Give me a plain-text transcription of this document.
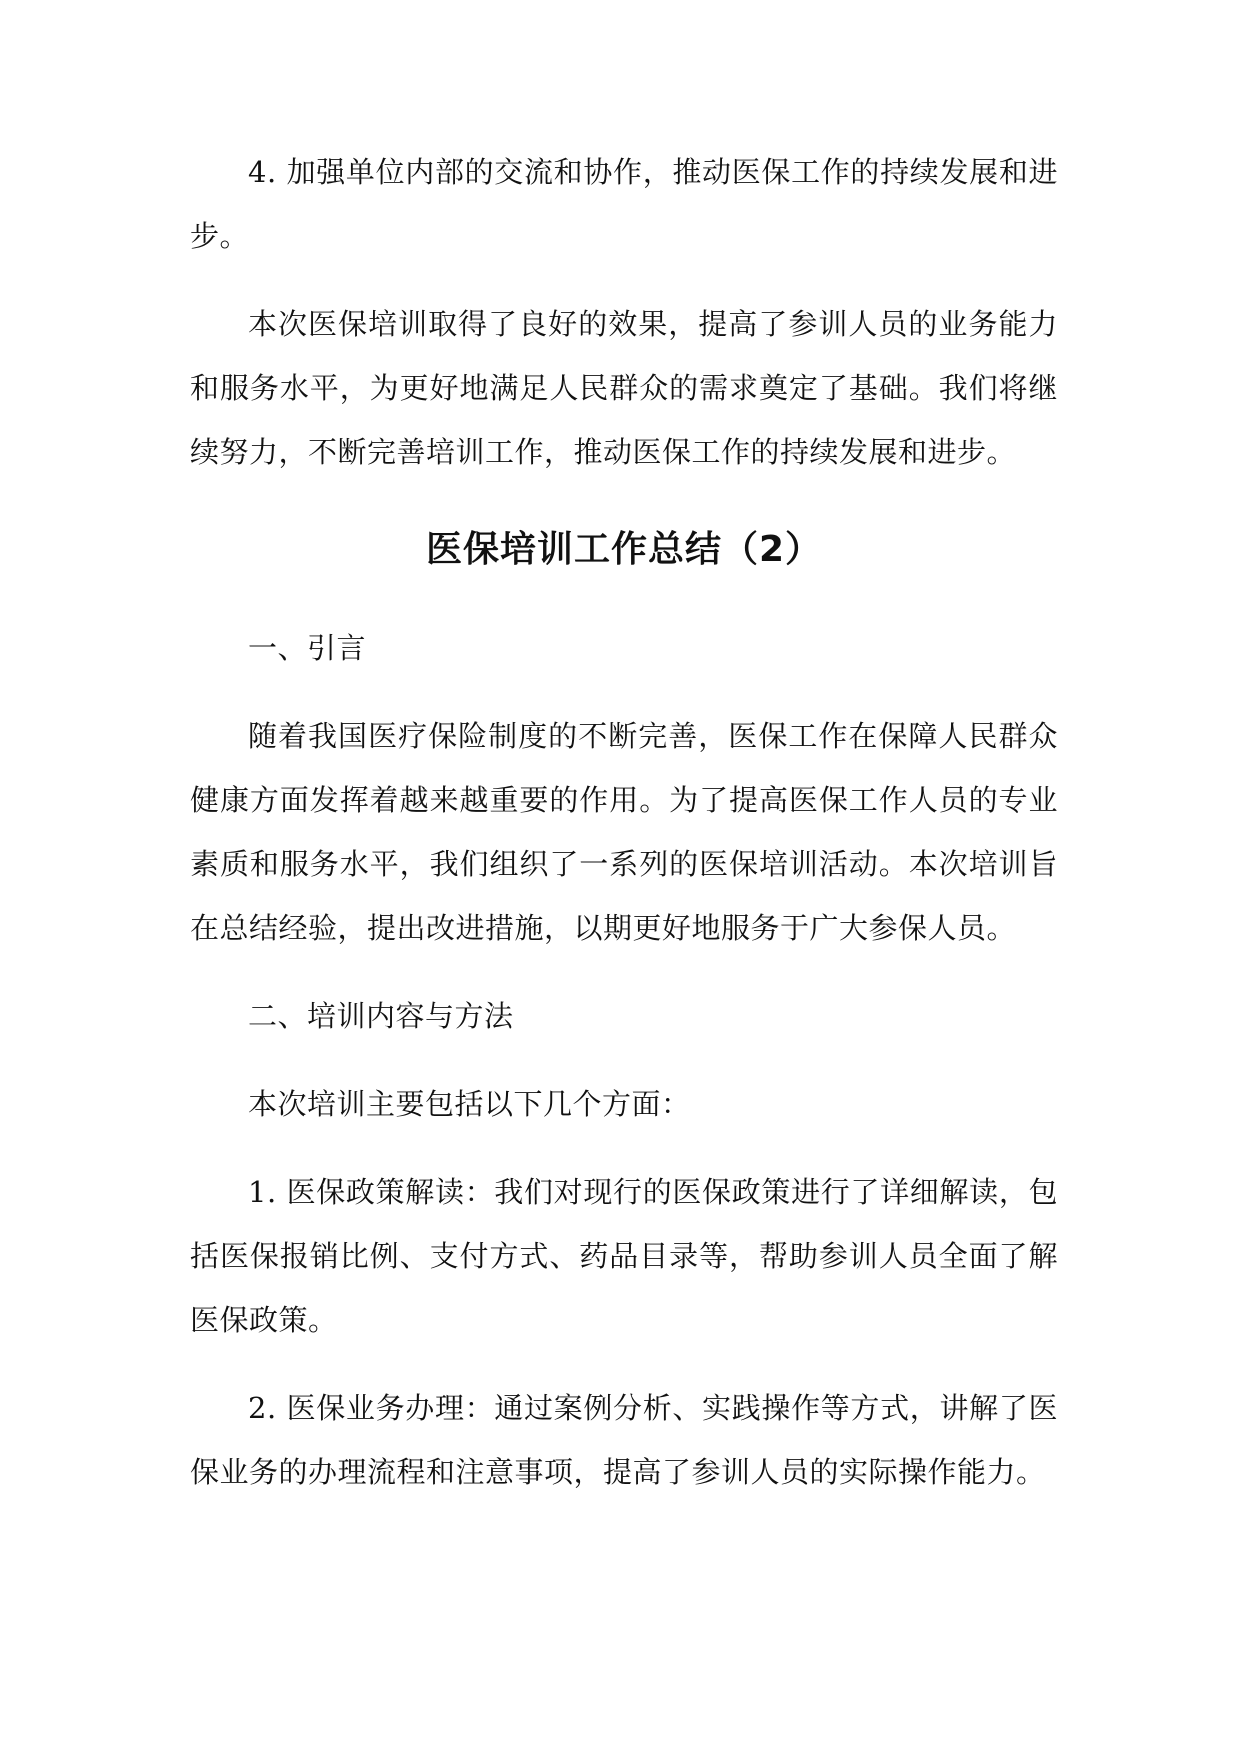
4. 加强单位内部的交流和协作，推动医保工作的持续发展和进步。

本次医保培训取得了良好的效果，提高了参训人员的业务能力和服务水平，为更好地满足人民群众的需求奠定了基础。我们将继续努力，不断完善培训工作，推动医保工作的持续发展和进步。

医保培训工作总结（2）

一、引言

随着我国医疗保险制度的不断完善，医保工作在保障人民群众健康方面发挥着越来越重要的作用。为了提高医保工作人员的专业素质和服务水平，我们组织了一系列的医保培训活动。本次培训旨在总结经验，提出改进措施，以期更好地服务于广大参保人员。

二、培训内容与方法

本次培训主要包括以下几个方面：

1. 医保政策解读：我们对现行的医保政策进行了详细解读，包括医保报销比例、支付方式、药品目录等，帮助参训人员全面了解医保政策。

2. 医保业务办理：通过案例分析、实践操作等方式，讲解了医保业务的办理流程和注意事项，提高了参训人员的实际操作能力。
